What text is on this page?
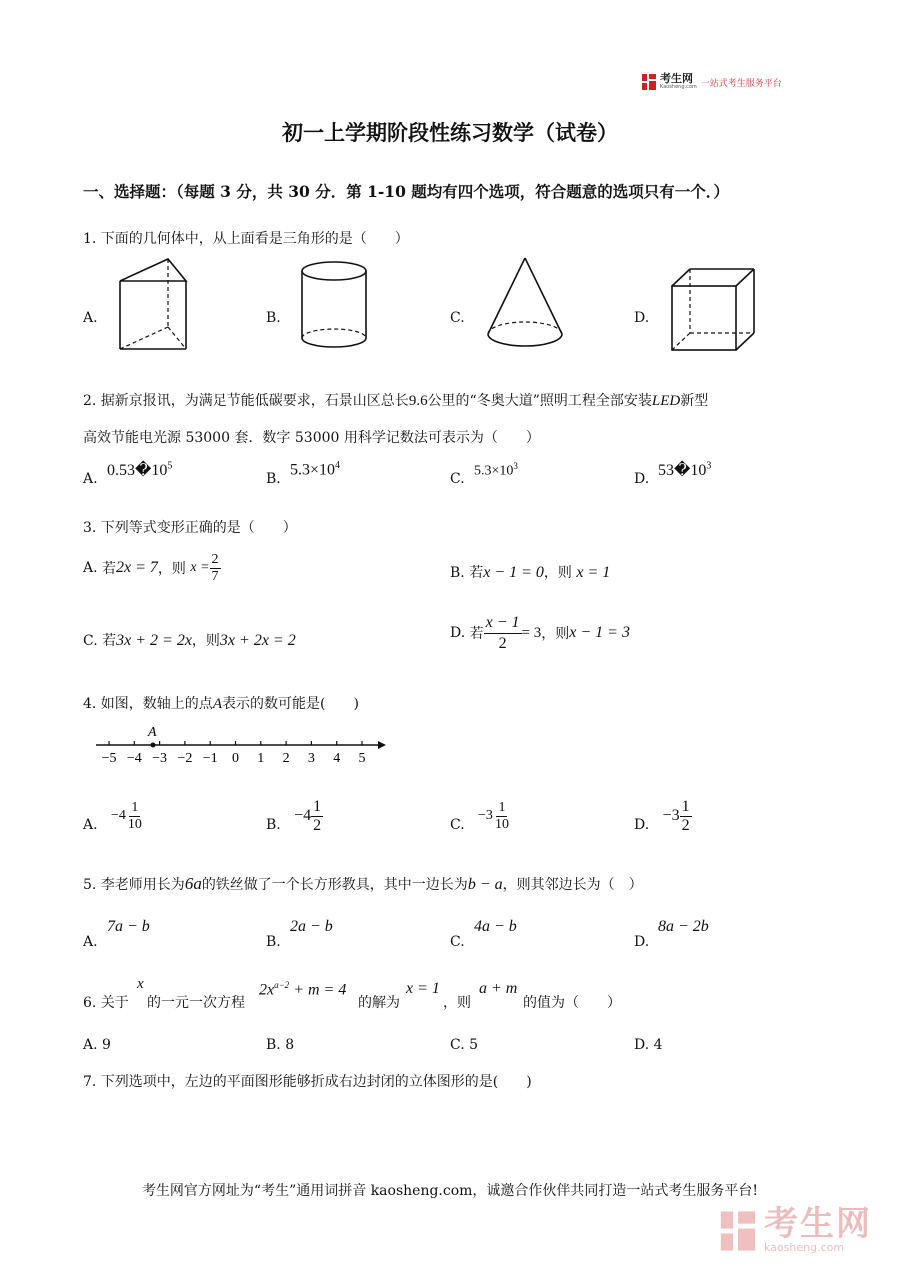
考生网
Kaosheng.com 一站式考生服务平台
初一上学期阶段性练习数学（试卷）
一、选择题：（每题 3 分，共 30 分．第 1-10 题均有四个选项，符合题意的选项只有一个．）
1. 下面的几何体中，从上面看是三角形的是（　　）
A.	B.	C.	D.
2. 据新京报讯，为满足节能低碳要求，石景山区总长9.6公里的“冬奥大道”照明工程全部安装LED新型
高效节能电光源 53000 套．数字 53000 用科学记数法可表示为（　　）
A. $0.53�10^5$
B.
$5.3\times 10^4$
C. $5.3\times 10^3$
D. $53�10^3$
3. 下列等式变形正确的是（　　）
A.
若 2x = 7 ，则
$x = \frac{2}{7}$	B. 若x − 1 = 0，则 x = 1
C. 若3x + 2 = 2x，则3x + 2x = 2	D.
若 $\frac{x - 1}{2} = 3$ ，则 x − 1 = 3
4. 如图，数轴上的点A表示的数可能是(　　)
A
−5 −4 −3 −2 −1 0 1 2 3 4 5
A.

$-4 \frac{1}{10}$	B.

$-4 \frac{1}{2}$	C.

$-3 \frac{1}{10}$	D.

$-3 \frac{1}{2}$
5. 李老师用长为6a的铁丝做了一个长方形教具，其中一边长为b − a，则其邻边长为（　）
A.
7a − b
B.
2a − b
C.
4a − b
D.
8a − 2b
6. 关于
x
的一元一次方程
$2x^{a-2} + m = 4$
的解为
x = 1
，则
a + m
的值为（　　）
A. 9	B. 8	C. 5	D. 4
7. 下列选项中，左边的平面图形能够折成右边封闭的立体图形的是(　　)
考生网官方网址为“考生”通用词拼音 kaosheng.com，诚邀合作伙伴共同打造一站式考生服务平台!
考生网
kaosheng.com
